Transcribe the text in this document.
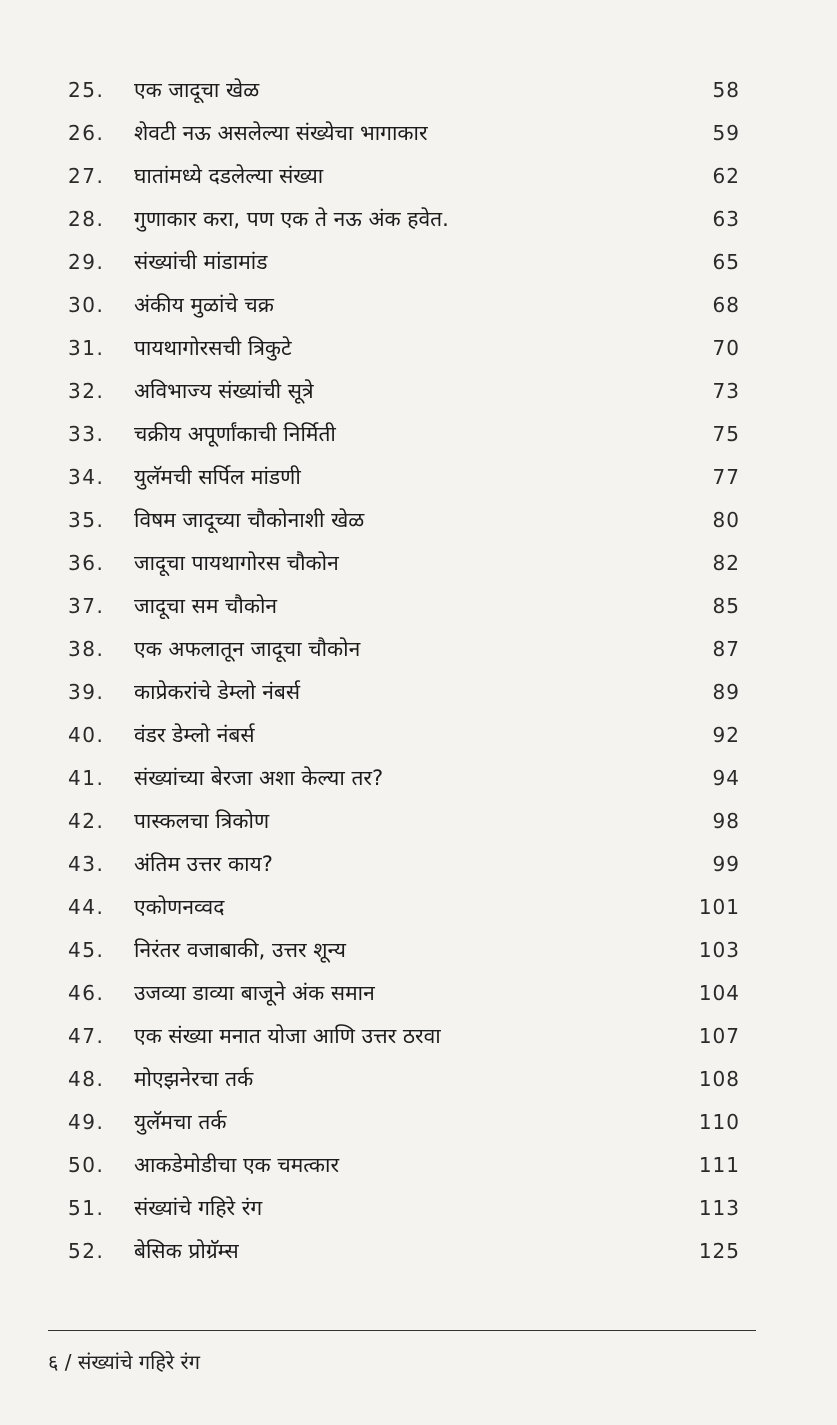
25. एक जादूचा खेळ	58
26. शेवटी नऊ असलेल्या संख्येचा भागाकार	59
27. घातांमध्ये दडलेल्या संख्या	62
28. गुणाकार करा, पण एक ते नऊ अंक हवेत.	63
29. संख्यांची मांडामांड	65
30. अंकीय मुळांचे चक्र	68
31. पायथागोरसची त्रिकुटे	70
32. अविभाज्य संख्यांची सूत्रे	73
33. चक्रीय अपूर्णांकाची निर्मिती	75
34. युलॅमची सर्पिल मांडणी	77
35. विषम जादूच्या चौकोनाशी खेळ	80
36. जादूचा पायथागोरस चौकोन	82
37. जादूचा सम चौकोन	85
38. एक अफलातून जादूचा चौकोन	87
39. काप्रेकरांचे डेम्लो नंबर्स	89
40. वंडर डेम्लो नंबर्स	92
41. संख्यांच्या बेरजा अशा केल्या तर?	94
42. पास्कलचा त्रिकोण	98
43. अंतिम उत्तर काय?	99
44. एकोणनव्वद	101
45. निरंतर वजाबाकी, उत्तर शून्य	103
46. उजव्या डाव्या बाजूने अंक समान	104
47. एक संख्या मनात योजा आणि उत्तर ठरवा	107
48. मोएझनेरचा तर्क	108
49. युलॅमचा तर्क	110
50. आकडेमोडीचा एक चमत्कार	111
51. संख्यांचे गहिरे रंग	113
52. बेसिक प्रोग्रॅम्स	125
६ / संख्यांचे गहिरे रंग
